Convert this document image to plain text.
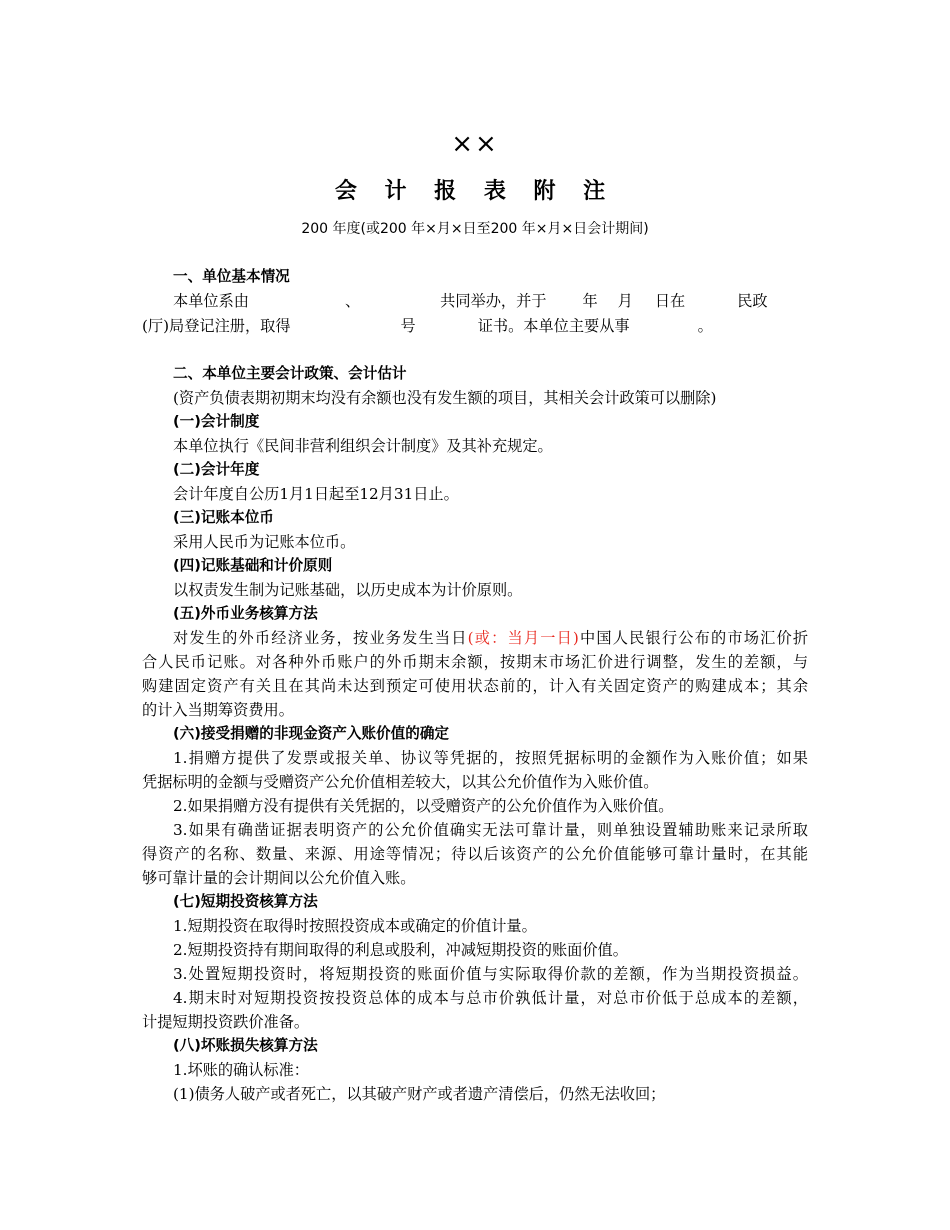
××
会 计 报 表 附 注
200 年度(或200 年×月×日至200 年×月×日会计期间)

一、单位基本情况

本单位系由	、	共同举办，并于 年 月 日在	民政

(厅)局登记注册，取得	号	证书。本单位主要从事	。

二、本单位主要会计政策、会计估计

(资产负债表期初期末均没有余额也没有发生额的项目，其相关会计政策可以删除)

(一)会计制度

本单位执行《民间非营利组织会计制度》及其补充规定。

(二)会计年度

会计年度自公历1月1日起至12月31日止。

(三)记账本位币

采用人民币为记账本位币。

(四)记账基础和计价原则

以权责发生制为记账基础，以历史成本为计价原则。

(五)外币业务核算方法

对发生的外币经济业务，按业务发生当日(或：当月一日)中国人民银行公布的市场汇价折

合人民币记账。对各种外币账户的外币期末余额，按期末市场汇价进行调整，发生的差额，与

购建固定资产有关且在其尚未达到预定可使用状态前的，计入有关固定资产的购建成本；其余

的计入当期筹资费用。

(六)接受捐赠的非现金资产入账价值的确定

1.捐赠方提供了发票或报关单、协议等凭据的，按照凭据标明的金额作为入账价值；如果

凭据标明的金额与受赠资产公允价值相差较大，以其公允价值作为入账价值。

2.如果捐赠方没有提供有关凭据的，以受赠资产的公允价值作为入账价值。

3.如果有确凿证据表明资产的公允价值确实无法可靠计量，则单独设置辅助账来记录所取

得资产的名称、数量、来源、用途等情况；待以后该资产的公允价值能够可靠计量时，在其能

够可靠计量的会计期间以公允价值入账。

(七)短期投资核算方法

1.短期投资在取得时按照投资成本或确定的价值计量。

2.短期投资持有期间取得的利息或股利，冲减短期投资的账面价值。

3.处置短期投资时，将短期投资的账面价值与实际取得价款的差额，作为当期投资损益。

4.期末时对短期投资按投资总体的成本与总市价孰低计量，对总市价低于总成本的差额，

计提短期投资跌价准备。

(八)坏账损失核算方法

1.坏账的确认标准：

(1)债务人破产或者死亡，以其破产财产或者遗产清偿后，仍然无法收回；
